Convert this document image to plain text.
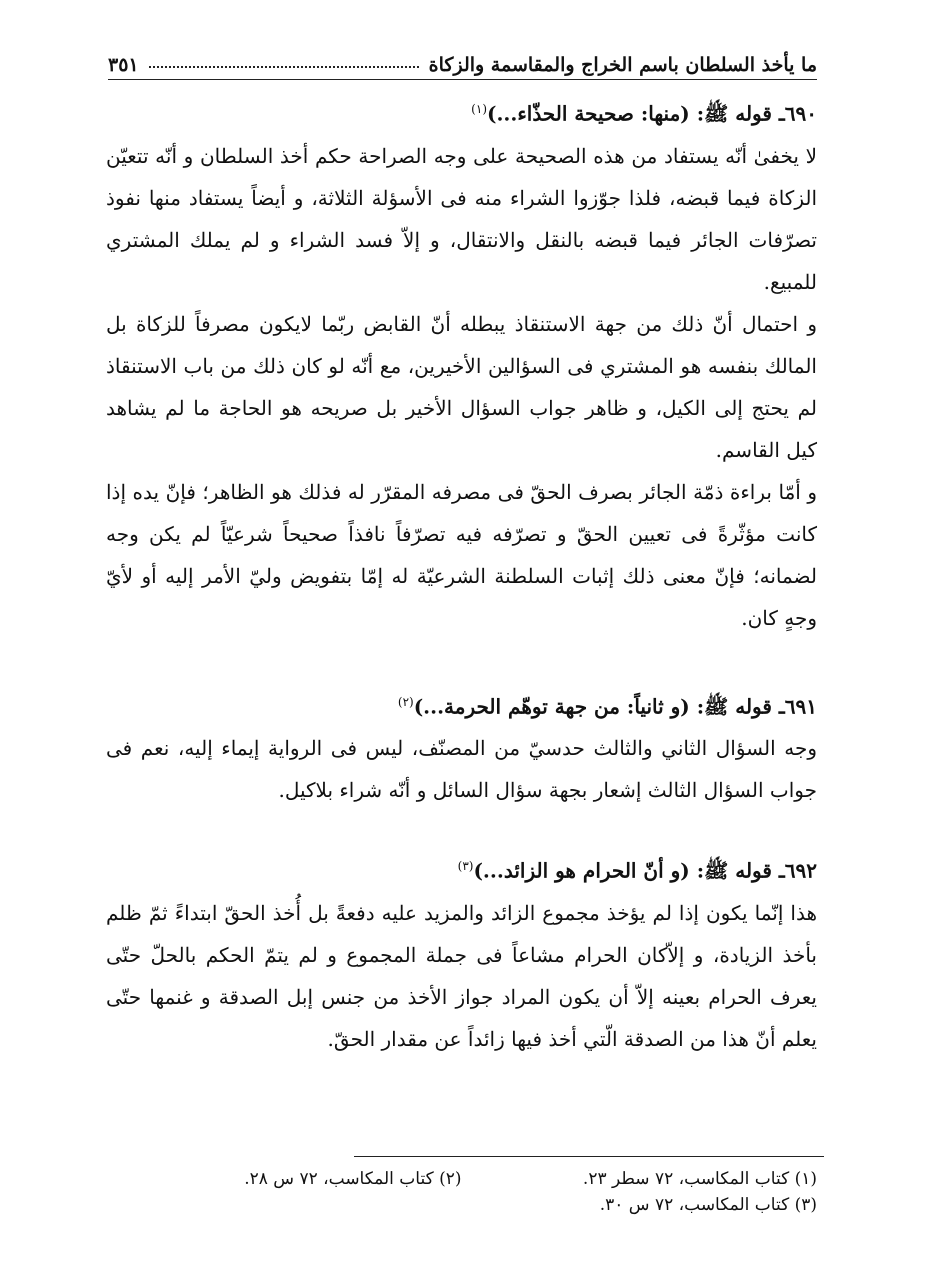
ما يأخذ السلطان باسم الخراج والمقاسمة والزكاة
٣٥١

٦٩٠ـ قوله ﷺ: (منها: صحيحة الحذّاء...)$^{(١)}$

لا يخفىٰ أنّه يستفاد من هذه الصحيحة على وجه الصراحة حكم أخذ السلطان و أنّه تتعيّن الزكاة فيما قبضه، فلذا جوّزوا الشراء منه فى الأسؤلة الثلاثة، و أيضاً يستفاد منها نفوذ تصرّفات الجائر فيما قبضه بالنقل والانتقال، و إلاّ فسد الشراء و لم يملك المشتري للمبيع.

و احتمال أنّ ذلك من جهة الاستنقاذ يبطله أنّ القابض ربّما لايكون مصرفاً للزكاة بل المالك بنفسه هو المشتري فى السؤالين الأخيرين، مع أنّه لو كان ذلك من باب الاستنقاذ لم يحتج إلى الكيل، و ظاهر جواب السؤال الأخير بل صريحه هو الحاجة ما لم يشاهد كيل القاسم.

و أمّا براءة ذمّة الجائر بصرف الحقّ فى مصرفه المقرّر له فذلك هو الظاهر؛ فإنّ يده إذا كانت مؤثّرةً فى تعيين الحقّ و تصرّفه فيه تصرّفاً نافذاً صحيحاً شرعيّاً لم يكن وجه لضمانه؛ فإنّ معنى ذلك إثبات السلطنة الشرعيّة له إمّا بتفويض وليّ الأمر إليه أو لأيّ وجهٍ كان.

٦٩١ـ قوله ﷺ: (و ثانياً: من جهة توهّم الحرمة...)$^{(٢)}$

وجه السؤال الثاني والثالث حدسيّ من المصنّف، ليس فى الرواية إيماء إليه، نعم فى جواب السؤال الثالث إشعار بجهة سؤال السائل و أنّه شراء بلاكيل.

٦٩٢ـ قوله ﷺ: (و أنّ الحرام هو الزائد...)$^{(٣)}$

هذا إنّما يكون إذا لم يؤخذ مجموع الزائد والمزيد عليه دفعةً بل أُخذ الحقّ ابتداءً ثمّ ظلم بأخذ الزيادة، و إلاّكان الحرام مشاعاً فى جملة المجموع و لم يتمّ الحكم بالحلّ حتّى يعرف الحرام بعينه إلاّ أن يكون المراد جواز الأخذ من جنس إبل الصدقة و غنمها حتّى يعلم أنّ هذا من الصدقة الّتي أخذ فيها زائداً عن مقدار الحقّ.

(١) كتاب المكاسب، ٧٢ سطر ٢٣.
(٢) كتاب المكاسب، ٧٢ س ٢٨.
(٣) كتاب المكاسب، ٧٢ س ٣٠.
